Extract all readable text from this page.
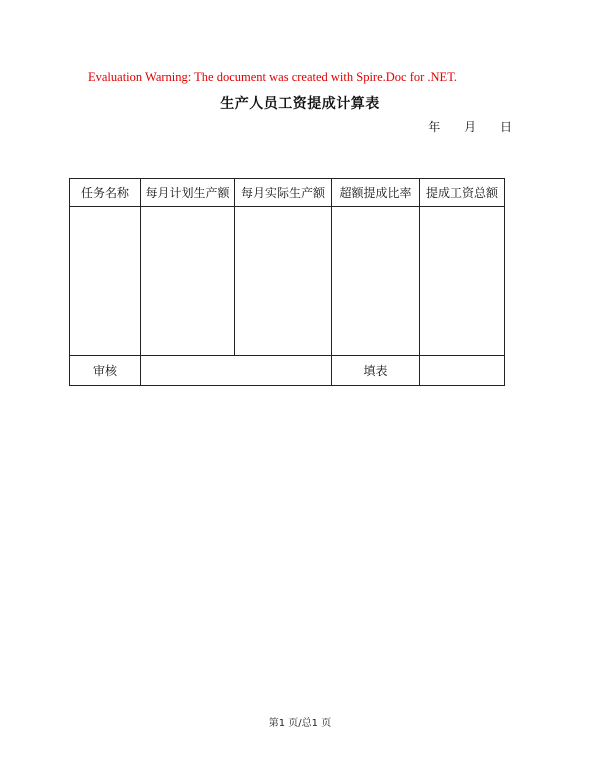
Evaluation Warning: The document was created with Spire.Doc for .NET.
生产人员工资提成计算表
年 月 日
任务名称	每月计划生产额	每月实际生产额	超额提成比率	提成工资总额

审核			填表	
第1 页/总1 页
